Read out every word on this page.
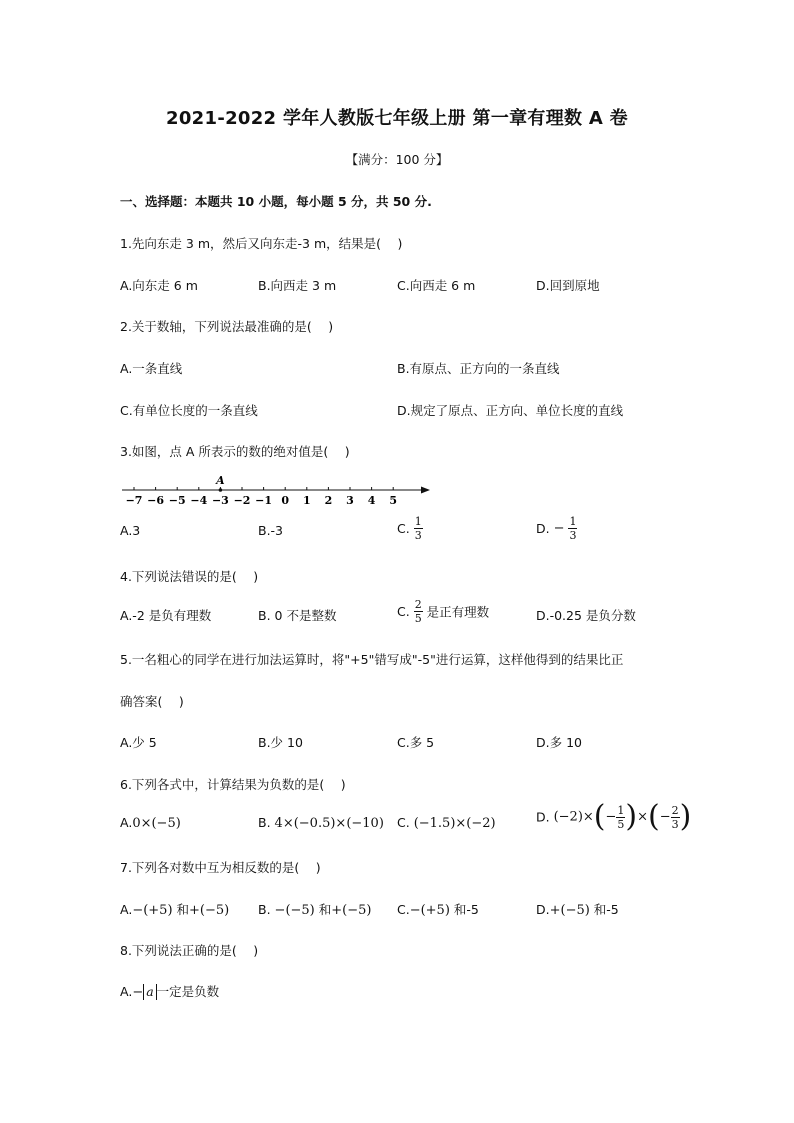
2021-2022 学年人教版七年级上册 第一章有理数 A 卷
【满分：100 分】
一、选择题：本题共 10 小题，每小题 5 分，共 50 分.
1.先向东走 3 m，然后又向东走-3 m，结果是(　 )
A.向东走 6 m	B.向西走 3 m	C.向西走 6 m	D.回到原地
2.关于数轴，下列说法最准确的是(　 )
A.一条直线	B.有原点、正方向的一条直线
C.有单位长度的一条直线	D.规定了原点、正方向、单位长度的直线
3.如图，点 A 所表示的数的绝对值是(　 )
−7 −6 −5 −4 −3 −2 −1 0 1 2 3 4 5
A
A.3	B.-3	C. $\frac{1}{3}$	D. − $\frac{1}{3}$
4.下列说法错误的是(　 )
A.-2 是负有理数	B. 0 不是整数	C. $\frac{2}{5}$ 是正有理数	D.-0.25 是负分数
5.一名粗心的同学在进行加法运算时，将"+5"错写成"-5"进行运算，这样他得到的结果比正
确答案(　 )
A.少 5	B.少 10	C.多 5	D.多 10
6.下列各式中，计算结果为负数的是(　 )
A.0×(−5)	B. 4×(−0.5)×(−10) C. (−1.5)×(−2)	D. $(-2)\times(- \frac{1}{5}$ )×(− $\frac{2}{3}$ )
7.下列各对数中互为相反数的是(　 )
A.−(+5) 和+(−5) B. −(−5) 和+(−5) C.−(+5) 和-5	D.+(−5) 和-5
8.下列说法正确的是(　 )
A.− a 一定是负数
